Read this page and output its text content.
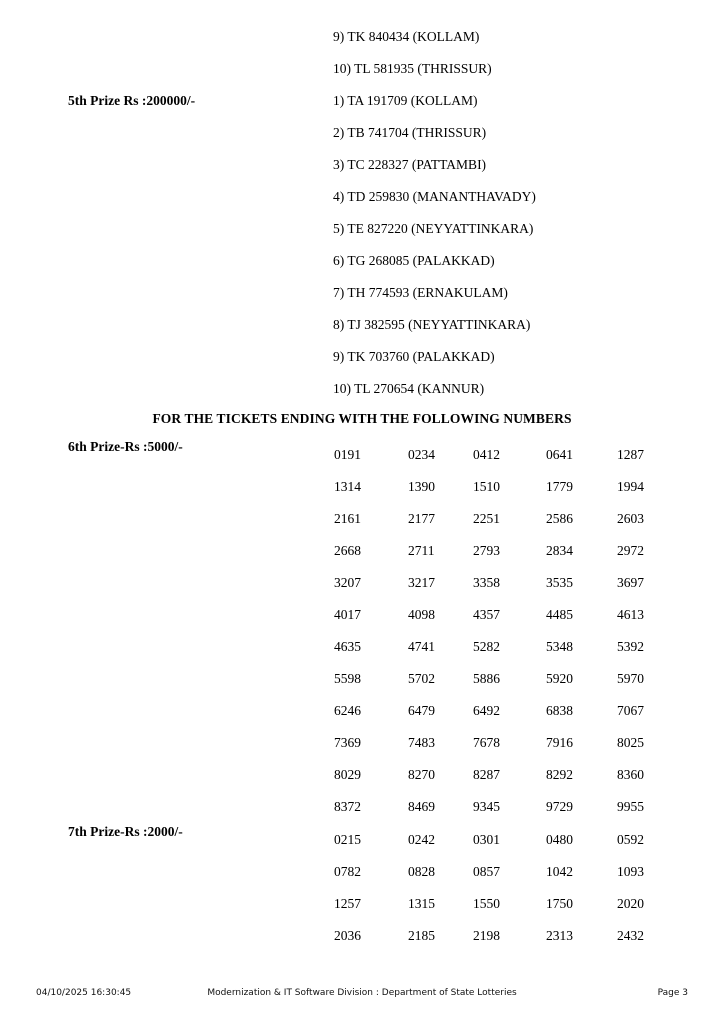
9) TK 840434 (KOLLAM)
10) TL 581935 (THRISSUR)
5th Prize Rs :200000/-	1) TA 191709 (KOLLAM)
2) TB 741704 (THRISSUR)
3) TC 228327 (PATTAMBI)
4) TD 259830 (MANANTHAVADY)
5) TE 827220 (NEYYATTINKARA)
6) TG 268085 (PALAKKAD)
7) TH 774593 (ERNAKULAM)
8) TJ 382595 (NEYYATTINKARA)
9) TK 703760 (PALAKKAD)
10) TL 270654 (KANNUR)
FOR THE TICKETS ENDING WITH THE FOLLOWING NUMBERS
6th Prize-Rs :5000/-
0191	0234	0412	0641	1287
1314	1390	1510	1779	1994
2161	2177	2251	2586	2603
2668	2711	2793	2834	2972
3207	3217	3358	3535	3697
4017	4098	4357	4485	4613
4635	4741	5282	5348	5392
5598	5702	5886	5920	5970
6246	6479	6492	6838	7067
7369	7483	7678	7916	8025
8029	8270	8287	8292	8360
8372	8469	9345	9729	9955
7th Prize-Rs :2000/-
0215	0242	0301	0480	0592
0782	0828	0857	1042	1093
1257	1315	1550	1750	2020
2036	2185	2198	2313	2432
04/10/2025 16:30:45	Modernization & IT Software Division : Department of State Lotteries	Page 3
